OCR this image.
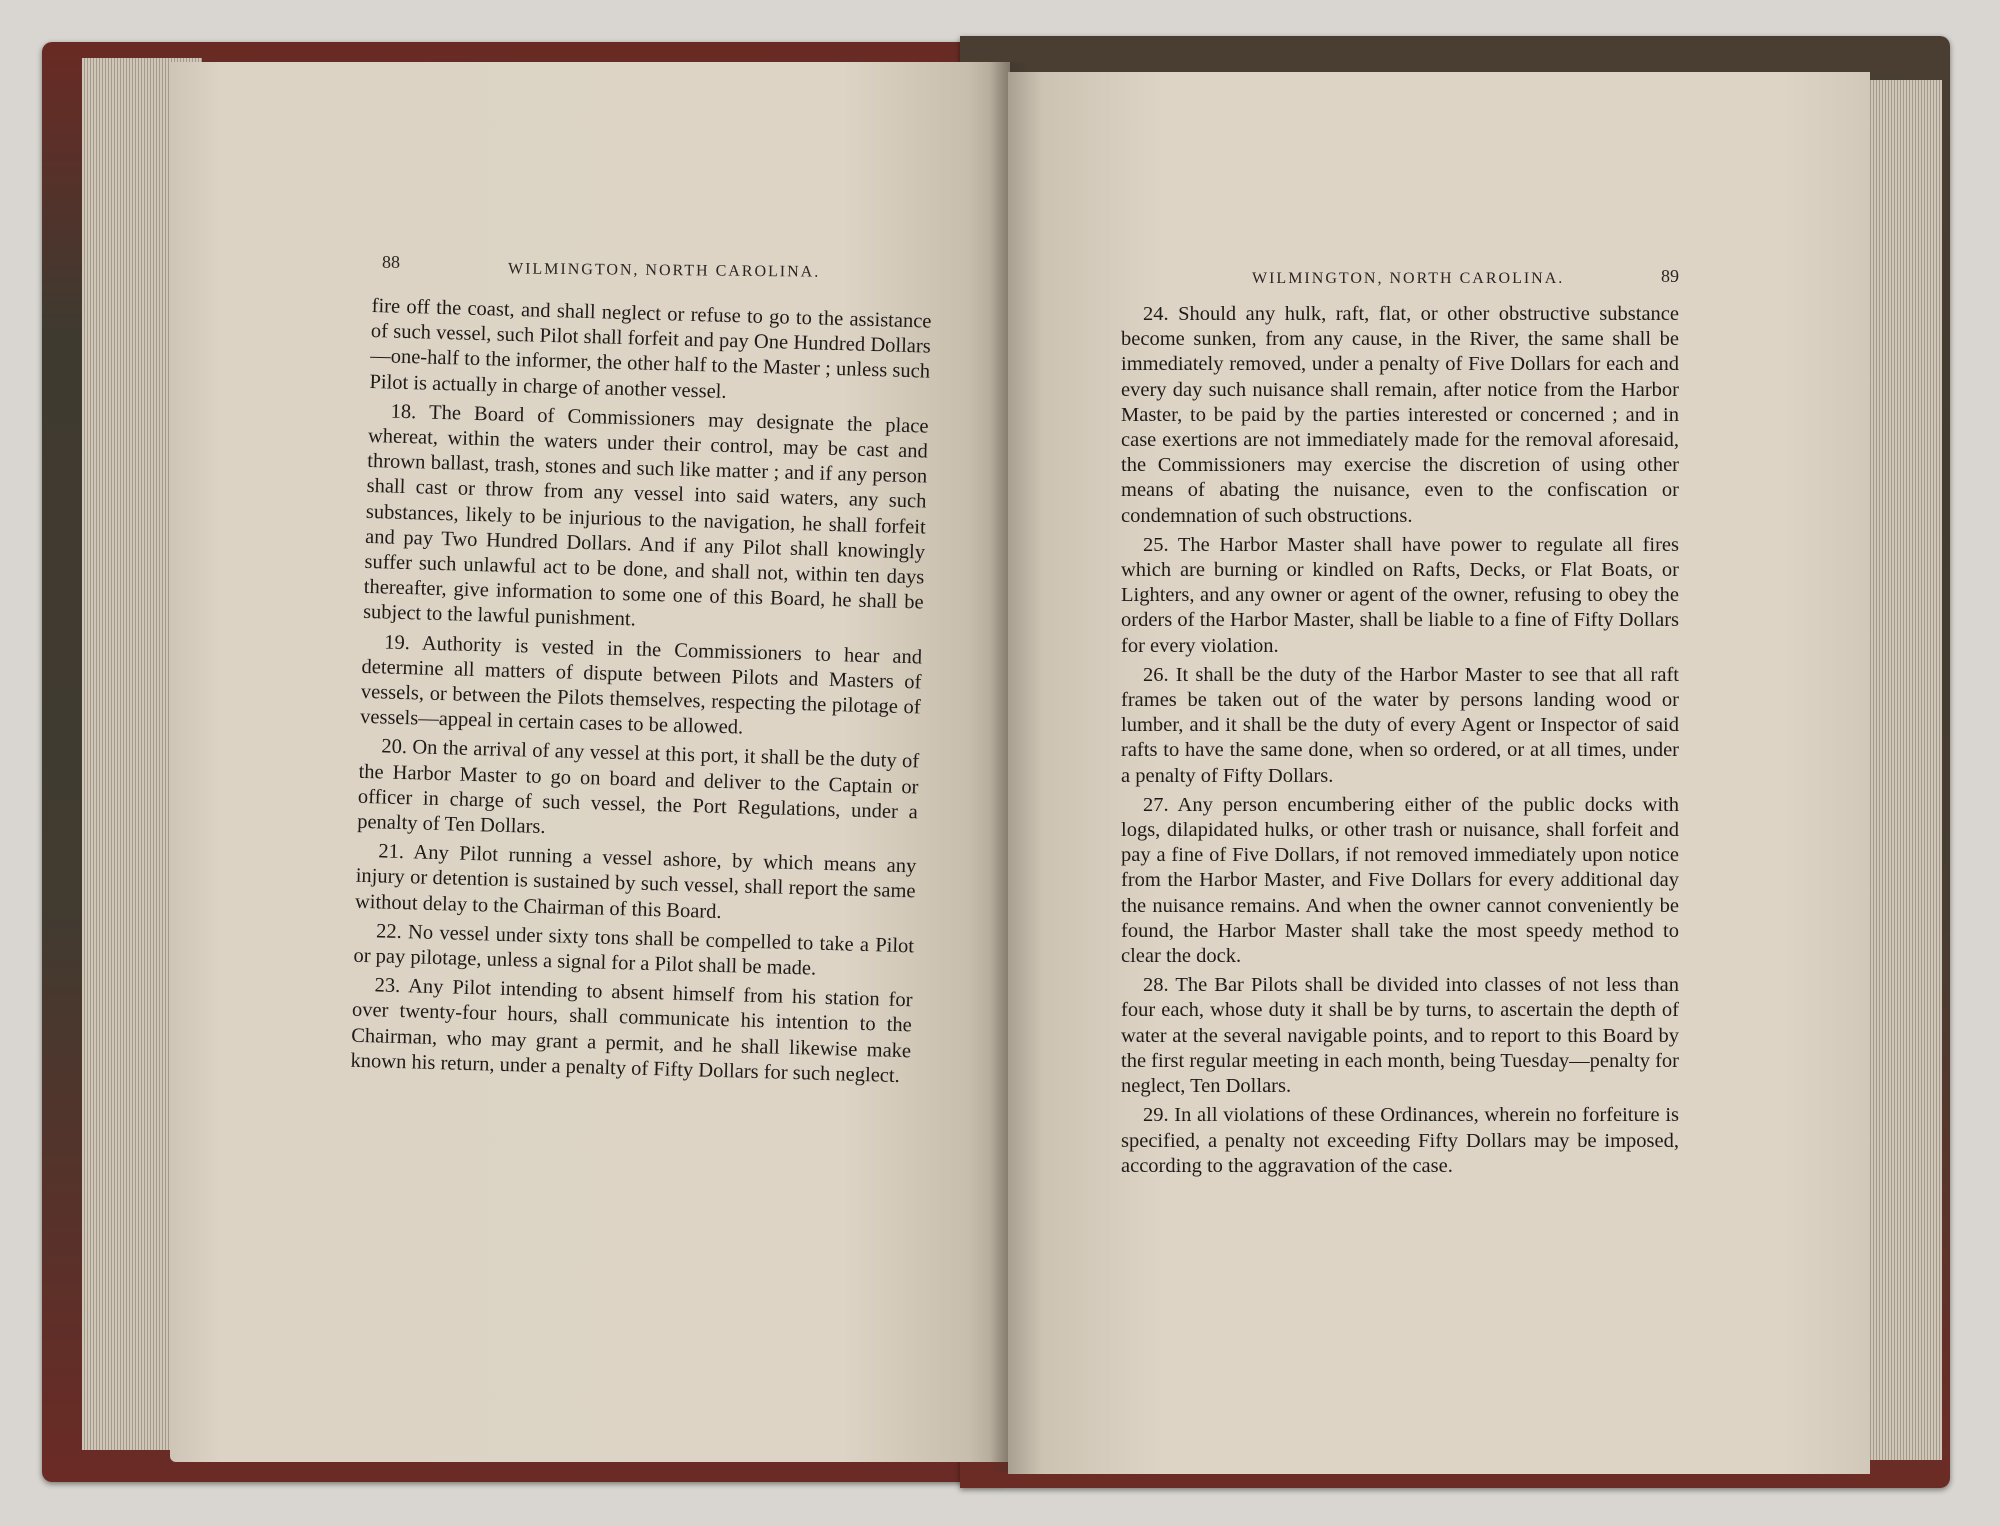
88	WILMINGTON, NORTH CAROLINA.

fire off the coast, and shall neglect or refuse to go to the assistance of such vessel, such Pilot shall forfeit and pay One Hundred Dollars—one-half to the informer, the other half to the Master ; unless such Pilot is actually in charge of another vessel.

18. The Board of Commissioners may designate the place whereat, within the waters under their control, may be cast and thrown ballast, trash, stones and such like matter ; and if any person shall cast or throw from any vessel into said waters, any such substances, likely to be injurious to the navigation, he shall forfeit and pay Two Hundred Dollars. And if any Pilot shall knowingly suffer such unlawful act to be done, and shall not, within ten days thereafter, give information to some one of this Board, he shall be subject to the lawful punishment.

19. Authority is vested in the Commissioners to hear and determine all matters of dispute between Pilots and Masters of vessels, or between the Pilots themselves, respecting the pilotage of vessels—appeal in certain cases to be allowed.

20. On the arrival of any vessel at this port, it shall be the duty of the Harbor Master to go on board and deliver to the Captain or officer in charge of such vessel, the Port Regulations, under a penalty of Ten Dollars.

21. Any Pilot running a vessel ashore, by which means any injury or detention is sustained by such vessel, shall report the same without delay to the Chairman of this Board.

22. No vessel under sixty tons shall be compelled to take a Pilot or pay pilotage, unless a signal for a Pilot shall be made.

23. Any Pilot intending to absent himself from his station for over twenty-four hours, shall communicate his intention to the Chairman, who may grant a permit, and he shall likewise make known his return, under a penalty of Fifty Dollars for such neglect.

WILMINGTON, NORTH CAROLINA.	89

24. Should any hulk, raft, flat, or other obstructive substance become sunken, from any cause, in the River, the same shall be immediately removed, under a penalty of Five Dollars for each and every day such nuisance shall remain, after notice from the Harbor Master, to be paid by the parties interested or concerned ; and in case exertions are not immediately made for the removal aforesaid, the Commissioners may exercise the discretion of using other means of abating the nuisance, even to the confiscation or condemnation of such obstructions.

25. The Harbor Master shall have power to regulate all fires which are burning or kindled on Rafts, Decks, or Flat Boats, or Lighters, and any owner or agent of the owner, refusing to obey the orders of the Harbor Master, shall be liable to a fine of Fifty Dollars for every violation.

26. It shall be the duty of the Harbor Master to see that all raft frames be taken out of the water by persons landing wood or lumber, and it shall be the duty of every Agent or Inspector of said rafts to have the same done, when so ordered, or at all times, under a penalty of Fifty Dollars.

27. Any person encumbering either of the public docks with logs, dilapidated hulks, or other trash or nuisance, shall forfeit and pay a fine of Five Dollars, if not removed immediately upon notice from the Harbor Master, and Five Dollars for every additional day the nuisance remains. And when the owner cannot conveniently be found, the Harbor Master shall take the most speedy method to clear the dock.

28. The Bar Pilots shall be divided into classes of not less than four each, whose duty it shall be by turns, to ascertain the depth of water at the several navigable points, and to report to this Board by the first regular meeting in each month, being Tuesday—penalty for neglect, Ten Dollars.

29. In all violations of these Ordinances, wherein no forfeiture is specified, a penalty not exceeding Fifty Dollars may be imposed, according to the aggravation of the case.
